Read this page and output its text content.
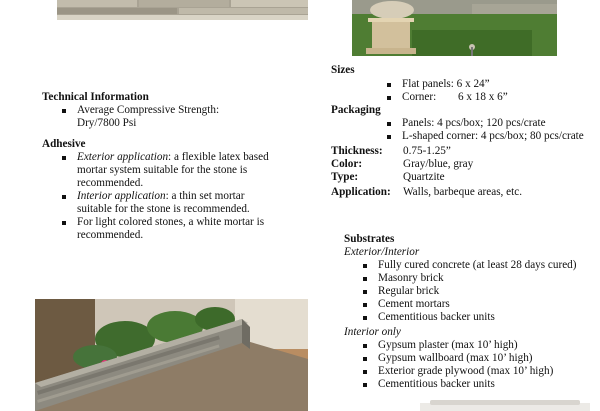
Technical Information
Average Compressive Strength:
Dry/7800 Psi
Adhesive
Exterior application: a flexible latex based
mortar system suitable for the stone is
recommended.
Interior application: a thin set mortar
suitable for the stone is recommended.
For light colored stones, a white mortar is
recommended.
Sizes
Flat panels: 6 x 24”
Corner: 6 x 18 x 6”
Packaging
Panels: 4 pcs/box; 120 pcs/crate
L-shaped corner: 4 pcs/box; 80 pcs/crate
Thickness: 0.75-1.25”
Color:	Gray/blue, gray
Type:	Quartzite
Application: Walls, barbeque areas, etc.
Substrates
Exterior/Interior
Fully cured concrete (at least 28 days cured)
Masonry brick
Regular brick
Cement mortars
Cementitious backer units
Interior only
Gypsum plaster (max 10’ high)
Gypsum wallboard (max 10’ high)
Exterior grade plywood (max 10’ high)
Cementitious backer units
